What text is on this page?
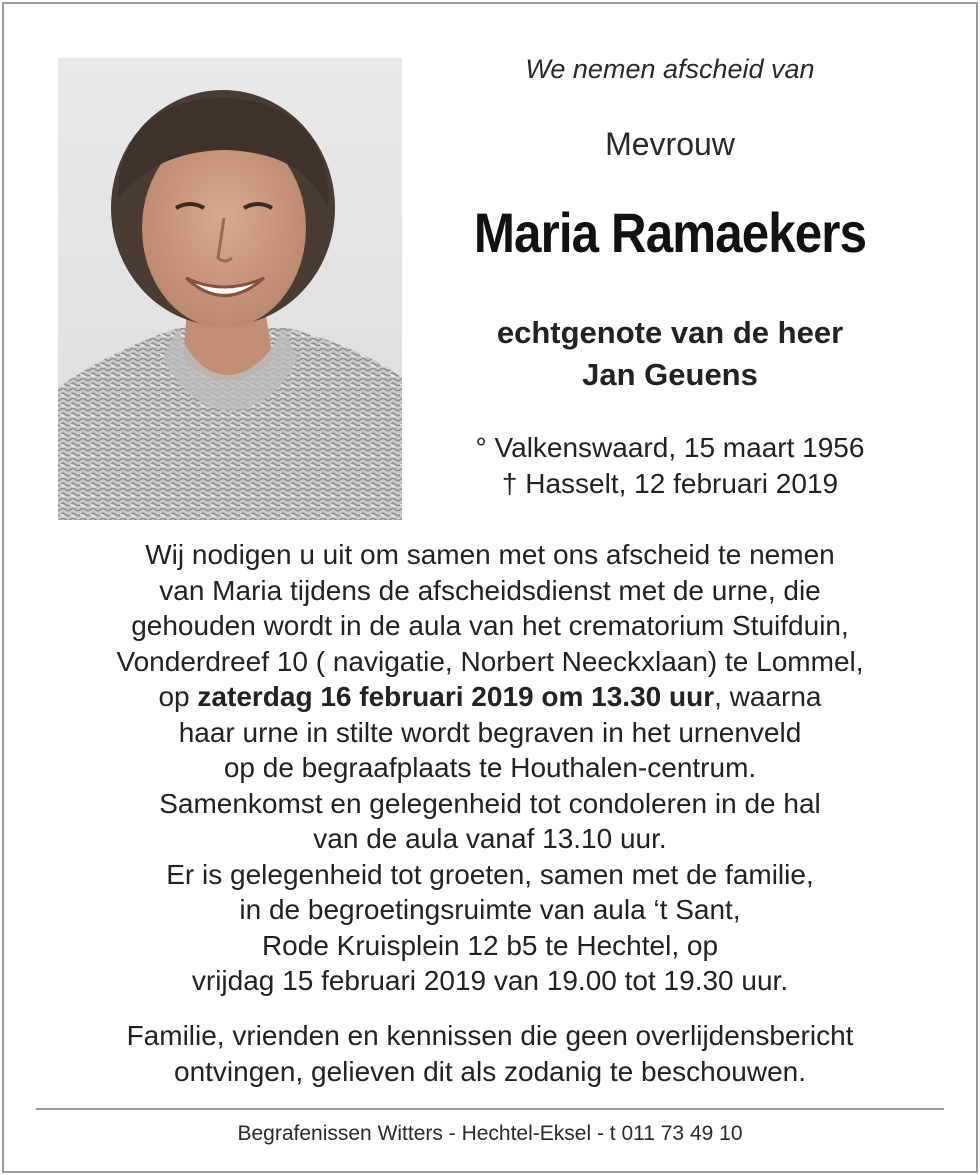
We nemen afscheid van
Mevrouw
Maria Ramaekers
echtgenote van de heer
Jan Geuens
° Valkenswaard, 15 maart 1956
† Hasselt, 12 februari 2019
Wij nodigen u uit om samen met ons afscheid te nemen
van Maria tijdens de afscheidsdienst met de urne, die
gehouden wordt in de aula van het crematorium Stuifduin,
Vonderdreef 10 ( navigatie, Norbert Neeckxlaan) te Lommel,
op zaterdag 16 februari 2019 om 13.30 uur, waarna
haar urne in stilte wordt begraven in het urnenveld
op de begraafplaats te Houthalen-centrum.
Samenkomst en gelegenheid tot condoleren in de hal
van de aula vanaf 13.10 uur.
Er is gelegenheid tot groeten, samen met de familie,
in de begroetingsruimte van aula ‘t Sant,
Rode Kruisplein 12 b5 te Hechtel, op
vrijdag 15 februari 2019 van 19.00 tot 19.30 uur.
Familie, vrienden en kennissen die geen overlijdensbericht
ontvingen, gelieven dit als zodanig te beschouwen.
Begrafenissen Witters - Hechtel-Eksel - t 011 73 49 10
